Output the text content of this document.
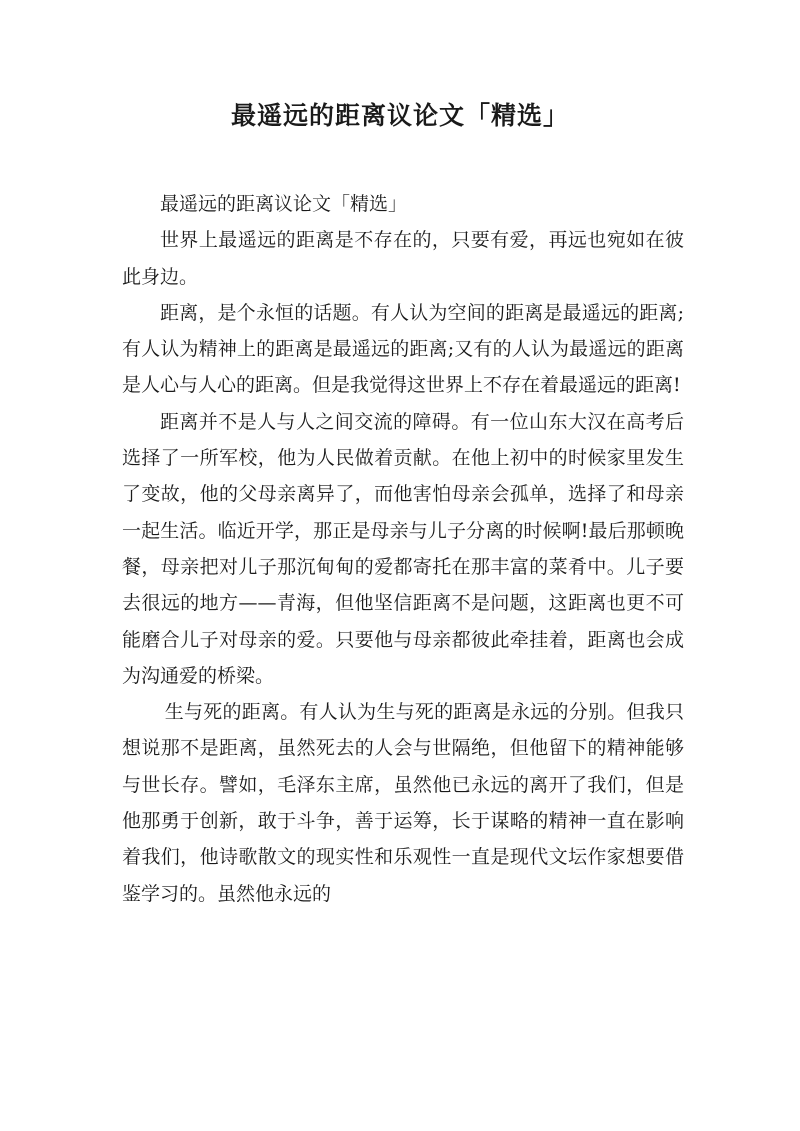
最遥远的距离议论文「精选」

最遥远的距离议论文「精选」

世界上最遥远的距离是不存在的，只要有爱，再远也宛如在彼此身边。

距离，是个永恒的话题。有人认为空间的距离是最遥远的距离;有人认为精神上的距离是最遥远的距离;又有的人认为最遥远的距离是人心与人心的距离。但是我觉得这世界上不存在着最遥远的距离!

距离并不是人与人之间交流的障碍。有一位山东大汉在高考后选择了一所军校，他为人民做着贡献。在他上初中的时候家里发生了变故，他的父母亲离异了，而他害怕母亲会孤单，选择了和母亲一起生活。临近开学，那正是母亲与儿子分离的时候啊!最后那顿晚餐，母亲把对儿子那沉甸甸的爱都寄托在那丰富的菜肴中。儿子要去很远的地方——青海，但他坚信距离不是问题，这距离也更不可能磨合儿子对母亲的爱。只要他与母亲都彼此牵挂着，距离也会成为沟通爱的桥梁。

生与死的距离。有人认为生与死的距离是永远的分别。但我只想说那不是距离，虽然死去的人会与世隔绝，但他留下的精神能够与世长存。譬如，毛泽东主席，虽然他已永远的离开了我们，但是他那勇于创新，敢于斗争，善于运筹，长于谋略的精神一直在影响着我们，他诗歌散文的现实性和乐观性一直是现代文坛作家想要借鉴学习的。虽然他永远的
